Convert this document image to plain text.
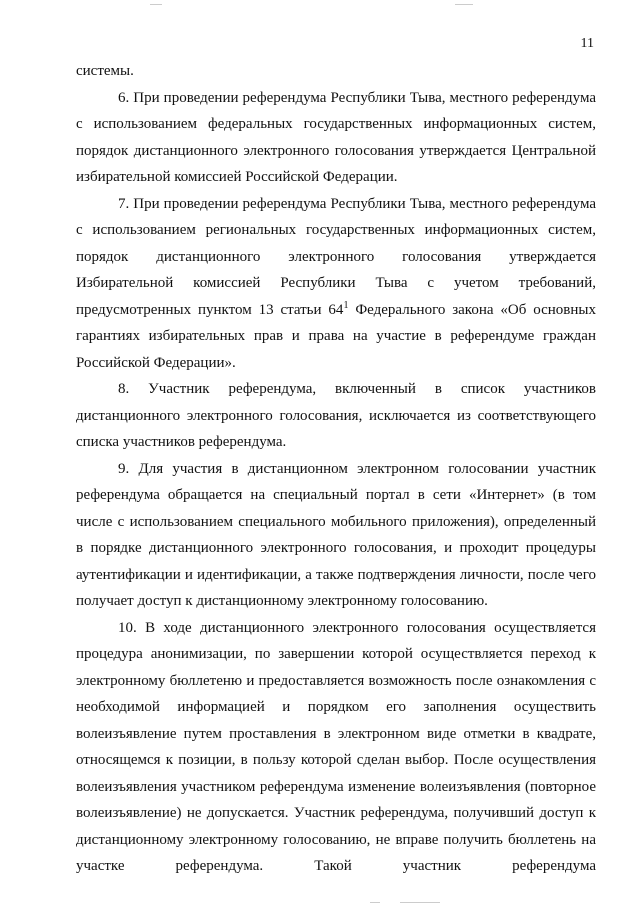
11

системы.

6. При проведении референдума Республики Тыва, местного референдума с использованием федеральных государственных информационных систем, порядок дистанционного электронного голосования утверждается Центральной избирательной комиссией Российской Федерации.

7. При проведении референдума Республики Тыва, местного референдума с использованием региональных государственных информационных систем, порядок дистанционного электронного голосования утверждается Избирательной комиссией Республики Тыва с учетом требований, предусмотренных пунктом 13 статьи $64^1$ Федерального закона «Об основных гарантиях избирательных прав и права на участие в референдуме граждан Российской Федерации».

8. Участник референдума, включенный в список участников дистанционного электронного голосования, исключается из соответствующего списка участников референдума.

9. Для участия в дистанционном электронном голосовании участник референдума обращается на специальный портал в сети «Интернет» (в том числе с использованием специального мобильного приложения), определенный в порядке дистанционного электронного голосования, и проходит процедуры аутентификации и идентификации, а также подтверждения личности, после чего получает доступ к дистанционному электронному голосованию.

10. В ходе дистанционного электронного голосования осуществляется процедура анонимизации, по завершении которой осуществляется переход к электронному бюллетеню и предоставляется возможность после ознакомления с необходимой информацией и порядком его заполнения осуществить волеизъявление путем проставления в электронном виде отметки в квадрате, относящемся к позиции, в пользу которой сделан выбор. После осуществления волеизъявления участником референдума изменение волеизъявления (повторное волеизъявление) не допускается. Участник референдума, получивший доступ к дистанционному электронному голосованию, не вправе получить бюллетень на участке референдума. Такой участник референдума
